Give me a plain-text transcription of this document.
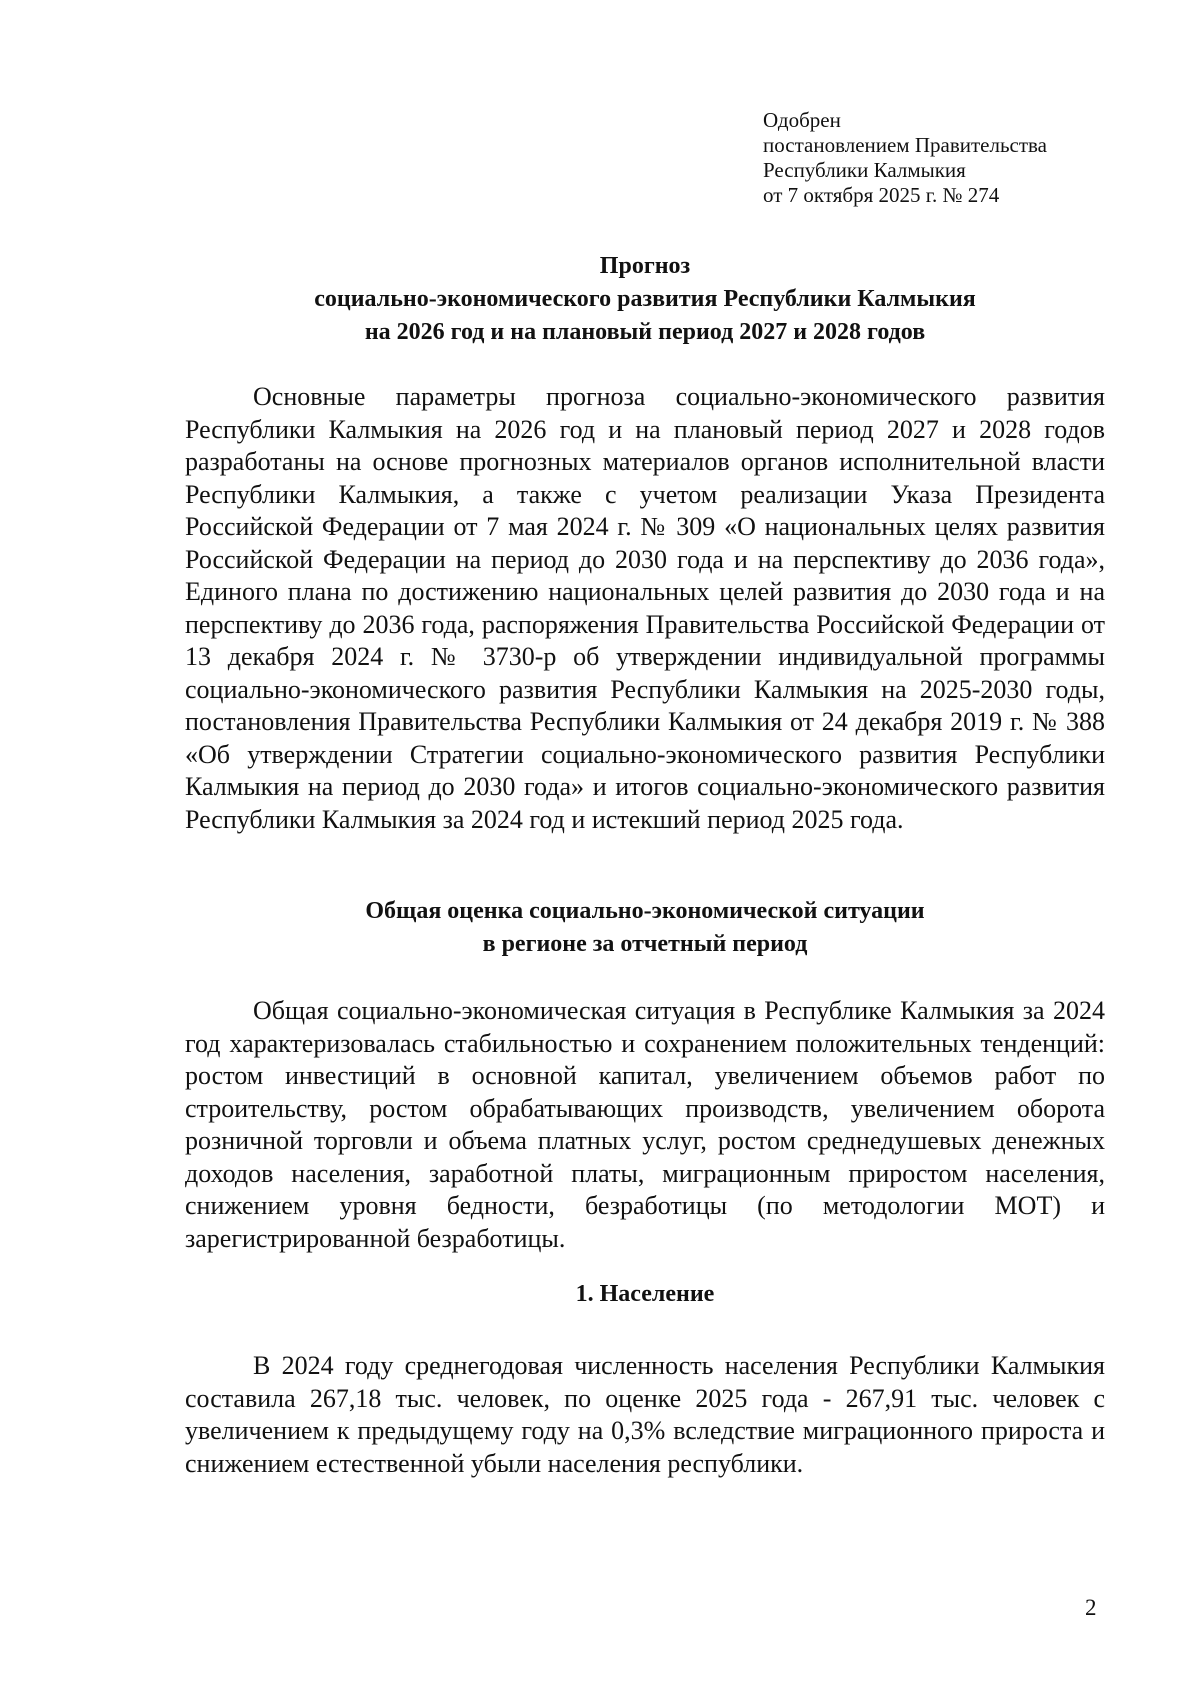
Одобрен
постановлением Правительства
Республики Калмыкия
от 7 октября 2025 г. № 274
Прогноз
социально-экономического развития Республики Калмыкия
на 2026 год и на плановый период 2027 и 2028 годов

Основные параметры прогноза социально-экономического развития Республики Калмыкия на 2026 год и на плановый период 2027 и 2028 годов разработаны на основе прогнозных материалов органов исполнительной власти Республики Калмыкия, а также с учетом реализации Указа Президента Российской Федерации от 7 мая 2024 г. № 309 «О национальных целях развития Российской Федерации на период до 2030 года и на перспективу до 2036 года», Единого плана по достижению национальных целей развития до 2030 года и на перспективу до 2036 года, распоряжения Правительства Российской Федерации от 13 декабря 2024 г. № 3730-р об утверждении индивидуальной программы социально-экономического развития Республики Калмыкия на 2025-2030 годы, постановления Правительства Республики Калмыкия от 24 декабря 2019 г. № 388 «Об утверждении Стратегии социально-экономического развития Республики Калмыкия на период до 2030 года» и итогов социально-экономического развития Республики Калмыкия за 2024 год и истекший период 2025 года.

Общая оценка социально-экономической ситуации
в регионе за отчетный период

Общая социально-экономическая ситуация в Республике Калмыкия за 2024 год характеризовалась стабильностью и сохранением положительных тенденций: ростом инвестиций в основной капитал, увеличением объемов работ по строительству, ростом обрабатывающих производств, увеличением оборота розничной торговли и объема платных услуг, ростом среднедушевых денежных доходов населения, заработной платы, миграционным приростом населения, снижением уровня бедности, безработицы (по методологии МОТ) и зарегистрированной безработицы.

1. Население

В 2024 году среднегодовая численность населения Республики Калмыкия составила 267,18 тыс. человек, по оценке 2025 года - 267,91 тыс. человек с увеличением к предыдущему году на 0,3% вследствие миграционного прироста и снижением естественной убыли населения республики.

2
